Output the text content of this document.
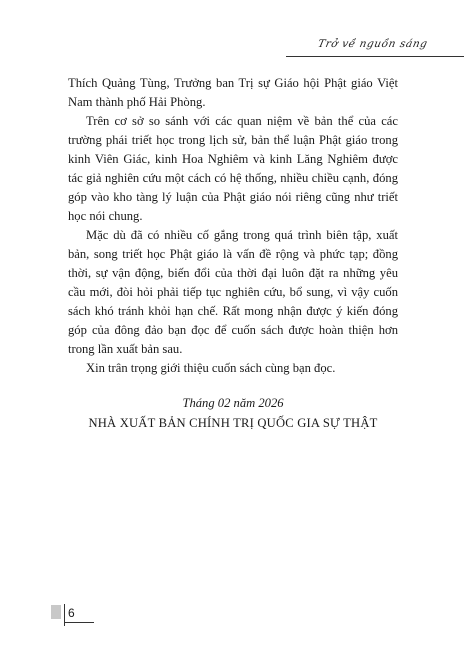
Trở về nguồn sáng

Thích Quảng Tùng, Trưởng ban Trị sự Giáo hội Phật giáo Việt Nam thành phố Hải Phòng.

Trên cơ sở so sánh với các quan niệm về bản thể của các trường phái triết học trong lịch sử, bản thể luận Phật giáo trong kinh Viên Giác, kinh Hoa Nghiêm và kinh Lăng Nghiêm được tác giả nghiên cứu một cách có hệ thống, nhiều chiều cạnh, đóng góp vào kho tàng lý luận của Phật giáo nói riêng cũng như triết học nói chung.

Mặc dù đã có nhiều cố gắng trong quá trình biên tập, xuất bản, song triết học Phật giáo là vấn đề rộng và phức tạp; đồng thời, sự vận động, biến đổi của thời đại luôn đặt ra những yêu cầu mới, đòi hỏi phải tiếp tục nghiên cứu, bổ sung, vì vậy cuốn sách khó tránh khỏi hạn chế. Rất mong nhận được ý kiến đóng góp của đông đảo bạn đọc để cuốn sách được hoàn thiện hơn trong lần xuất bản sau.

Xin trân trọng giới thiệu cuốn sách cùng bạn đọc.

Tháng 02 năm 2026
NHÀ XUẤT BẢN CHÍNH TRỊ QUỐC GIA SỰ THẬT
6
